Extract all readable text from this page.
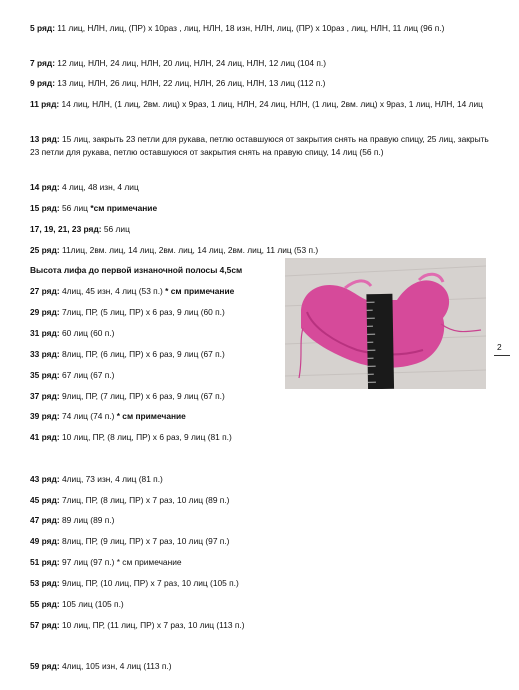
5 ряд: 11 лиц, НЛН, лиц, (ПР) х 10раз , лиц, НЛН, 18 изн, НЛН, лиц, (ПР) х 10раз , лиц, НЛН, 11 лиц (96 п.)
7 ряд: 12 лиц, НЛН, 24 лиц, НЛН, 20 лиц, НЛН, 24 лиц, НЛН, 12 лиц (104 п.)
9 ряд: 13 лиц, НЛН, 26 лиц, НЛН, 22 лиц, НЛН, 26 лиц, НЛН, 13 лиц (112 п.)
11 ряд: 14 лиц, НЛН, (1 лиц, 2вм. лиц) х 9раз, 1 лиц, НЛН, 24 лиц, НЛН, (1 лиц, 2вм. лиц) х 9раз, 1 лиц, НЛН, 14 лиц
13 ряд: 15 лиц, закрыть 23 петли для рукава, петлю оставшуюся от закрытия снять на правую спицу, 25 лиц, закрыть 23 петли для рукава, петлю оставшуюся от закрытия снять на правую спицу, 14 лиц (56 п.)
14 ряд: 4 лиц, 48 изн, 4 лиц
15 ряд: 56 лиц *см примечание
17, 19, 21, 23 ряд: 56 лиц
25 ряд: 11лиц, 2вм. лиц, 14 лиц, 2вм. лиц, 14 лиц, 2вм. лиц, 11 лиц (53 п.)
Высота лифа до первой изнаночной полосы 4,5см
27 ряд: 4лиц, 45 изн, 4 лиц (53 п.) * см примечание
29 ряд: 7лиц, ПР, (5 лиц, ПР) х 6 раз, 9 лиц (60 п.)
31 ряд: 60 лиц (60 п.)
33 ряд: 8лиц, ПР, (6 лиц, ПР) х 6 раз, 9 лиц (67 п.)
35 ряд: 67 лиц (67 п.)
37 ряд: 9лиц, ПР, (7 лиц, ПР) х 6 раз, 9 лиц (67 п.)
39 ряд: 74 лиц (74 п.) * см примечание
41 ряд: 10 лиц, ПР, (8 лиц, ПР) х 6 раз, 9 лиц (81 п.)
43 ряд: 4лиц, 73 изн, 4 лиц (81 п.)
45 ряд: 7лиц, ПР, (8 лиц, ПР) х 7 раз, 10 лиц (89 п.)
47 ряд: 89 лиц (89 п.)
49 ряд: 8лиц, ПР, (9 лиц, ПР) х 7 раз, 10 лиц (97 п.)
51 ряд: 97 лиц (97 п.) * см примечание
53 ряд: 9лиц, ПР, (10 лиц, ПР) х 7 раз, 10 лиц (105 п.)
55 ряд: 105 лиц (105 п.)
57 ряд: 10 лиц, ПР, (11 лиц, ПР) х 7 раз, 10 лиц (113 п.)
59 ряд: 4лиц, 105 изн, 4 лиц (113 п.)
2
